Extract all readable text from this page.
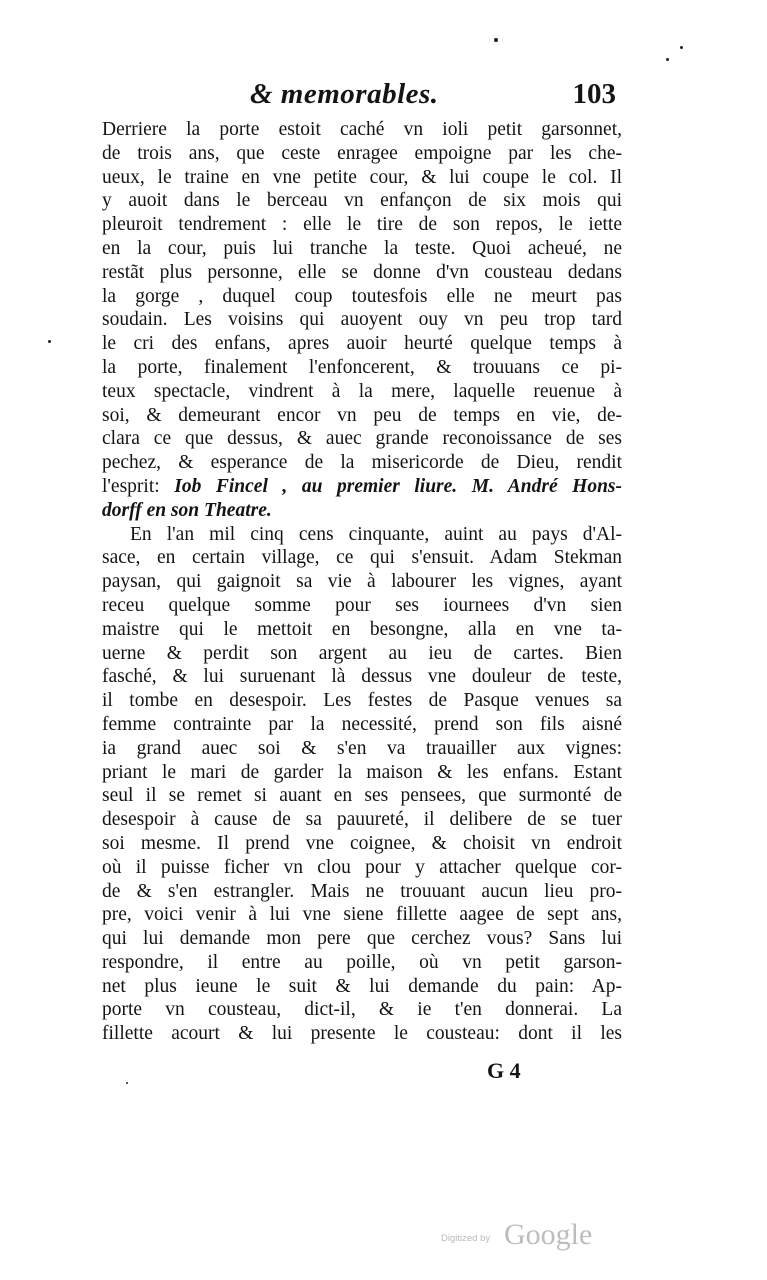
& memorables.	103
Derriere la porte estoit caché vn ioli petit garsonnet,
de trois ans, que ceste enragee empoigne par les che-
ueux, le traine en vne petite cour, & lui coupe le col. Il
y auoit dans le berceau vn enfançon de six mois qui
pleuroit tendrement : elle le tire de son repos, le iette
en la cour, puis lui tranche la teste. Quoi acheué, ne
restãt plus personne, elle se donne d'vn cousteau dedans
la gorge , duquel coup toutesfois elle ne meurt pas
soudain. Les voisins qui auoyent ouy vn peu trop tard
le cri des enfans, apres auoir heurté quelque temps à
la porte, finalement l'enfoncerent, & trouuans ce pi-
teux spectacle, vindrent à la mere, laquelle reuenue à
soi, & demeurant encor vn peu de temps en vie, de-
clara ce que dessus, & auec grande reconoissance de ses
pechez, & esperance de la misericorde de Dieu, rendit
l'esprit: Iob Fincel , au premier liure. M. André Hons-
dorff en son Theatre.
En l'an mil cinq cens cinquante, auint au pays d'Al-
sace, en certain village, ce qui s'ensuit. Adam Stekman
paysan, qui gaignoit sa vie à labourer les vignes, ayant
receu quelque somme pour ses iournees d'vn sien
maistre qui le mettoit en besongne, alla en vne ta-
uerne & perdit son argent au ieu de cartes. Bien
fasché, & lui suruenant là dessus vne douleur de teste,
il tombe en desespoir. Les festes de Pasque venues sa
femme contrainte par la necessité, prend son fils aisné
ia grand auec soi & s'en va trauailler aux vignes:
priant le mari de garder la maison & les enfans. Estant
seul il se remet si auant en ses pensees, que surmonté de
desespoir à cause de sa pauureté, il delibere de se tuer
soi mesme. Il prend vne coignee, & choisit vn endroit
où il puisse ficher vn clou pour y attacher quelque cor-
de & s'en estrangler. Mais ne trouuant aucun lieu pro-
pre, voici venir à lui vne siene fillette aagee de sept ans,
qui lui demande mon pere que cerchez vous? Sans lui
respondre, il entre au poille, où vn petit garson-
net plus ieune le suit & lui demande du pain: Ap-
porte vn cousteau, dict-il, & ie t'en donnerai. La
fillette acourt & lui presente le cousteau: dont il les
G 4
Digitized by Google
